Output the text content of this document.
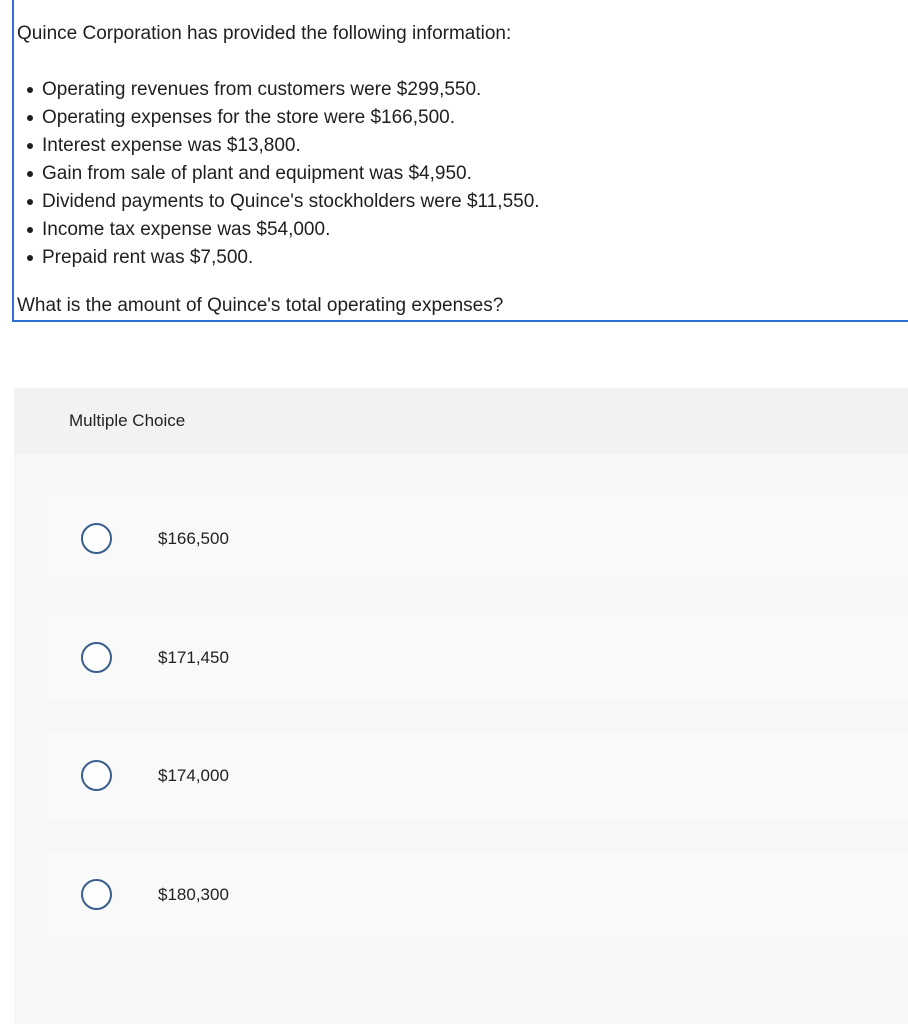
Quince Corporation has provided the following information:
Operating revenues from customers were $299,550.
Operating expenses for the store were $166,500.
Interest expense was $13,800.
Gain from sale of plant and equipment was $4,950.
Dividend payments to Quince's stockholders were $11,550.
Income tax expense was $54,000.
Prepaid rent was $7,500.
What is the amount of Quince's total operating expenses?
Multiple Choice
$166,500
$171,450
$174,000
$180,300
